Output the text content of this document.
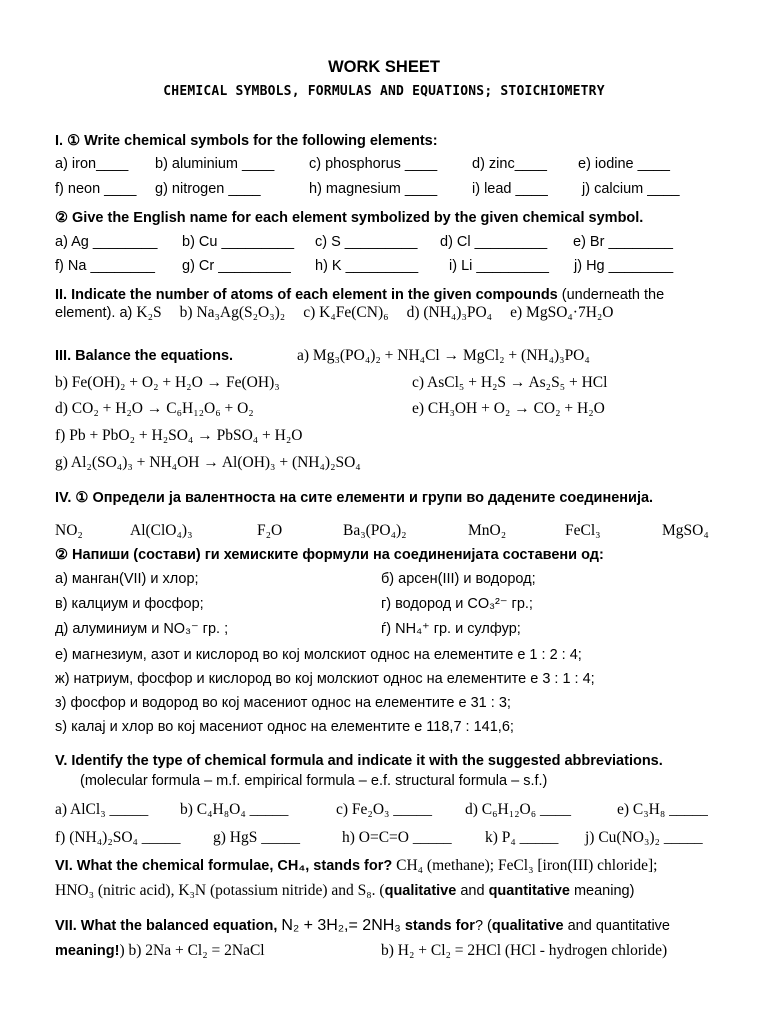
WORK SHEET
CHEMICAL SYMBOLS, FORMULAS AND EQUATIONS; STOICHIOMETRY
I. ① Write chemical symbols for the following elements:
a) iron____ b) aluminium ____ c) phosphorus ____ d) zinc____ e) iodine ____
f) neon ____ g) nitrogen ____	h) magnesium ____ i) lead ____ j) calcium ____
② Give the English name for each element symbolized by the given chemical symbol.
a) Ag ________ b) Cu _________ c) S _________ d) Cl _________ e) Br ________
f) Na ________ g) Cr _________ h) K _________ i) Li _________ j) Hg ________
II. Indicate the number of atoms of each element in the given compounds (underneath the
element). a) K₂S b) Na₃Ag(S₂O₃)₂ c) K₄Fe(CN)₆ d) (NH₄)₃PO₄ e) MgSO₄·7H₂O
III. Balance the equations.	a) Mg₃(PO₄)₂ + NH₄Cl → MgCl₂ + (NH₄)₃PO₄
b) Fe(OH)₂ + O₂ + H₂O → Fe(OH)₃	c) AsCl₅ + H₂S → As₂S₅ + HCl
d) CO₂ + H₂O → C₆H₁₂O₆ + O₂	e) CH₃OH + O₂ → CO₂ + H₂O
f) Pb + PbO₂ + H₂SO₄ → PbSO₄ + H₂O
g) Al₂(SO₄)₃ + NH₄OH → Al(OH)₃ + (NH₄)₂SO₄
IV. ① Определи ја валентноста на сите елементи и групи во дадените соединенија.
NO₂	Al(ClO₄)₃	F₂O	Ba₃(PO₄)₂	MnO₂	FeCl₃	MgSO₄
② Напиши (состави) ги хемиските формули на соединенијата составени од:
а) манган(VII) и хлор;	б) арсен(III) и водород;
в) калциум и фосфор;	г) водород и CO₃²⁻ гр.;
д) алуминиум и NO₃⁻ гр. ;	ѓ) NH₄⁺ гр. и сулфур;
е) магнезиум, азот и кислород во кој молскиот однос на елементите е 1 : 2 : 4;
ж) натриум, фосфор и кислород во кој молскиот однос на елементите е 3 : 1 : 4;
з) фосфор и водород во кој масениот однос на елементите е 31 : 3;
ѕ) калај и хлор во кој масениот однос на елементите е 118,7 : 141,6;
V. Identify the type of chemical formula and indicate it with the suggested abbreviations.
(molecular formula – m.f. empirical formula – e.f. structural formula – s.f.)
a) AlCl₃ _____ b) C₄H₈O₄ _____	c) Fe₂O₃ _____ d) C₆H₁₂O₆ ____	e) C₃H₈ _____
f) (NH₄)₂SO₄ _____ g) HgS _____	h) O=C=O _____ k) P₄ _____ j) Cu(NO₃)₂ _____
VI. What the chemical formulae, CH₄, stands for? CH₄ (methane); FeCl₃ [iron(III) chloride];
HNO₃ (nitric acid), K₃N (potassium nitride) and S₈. (qualitative and quantitative meaning)
VII. What the balanced equation, N₂ + 3H₂,= 2NH₃ stands for? (qualitative and quantitative
meaning!) b) 2Na + Cl₂ = 2NaCl	b) H₂ + Cl₂ = 2HCl (HCl - hydrogen chloride)
